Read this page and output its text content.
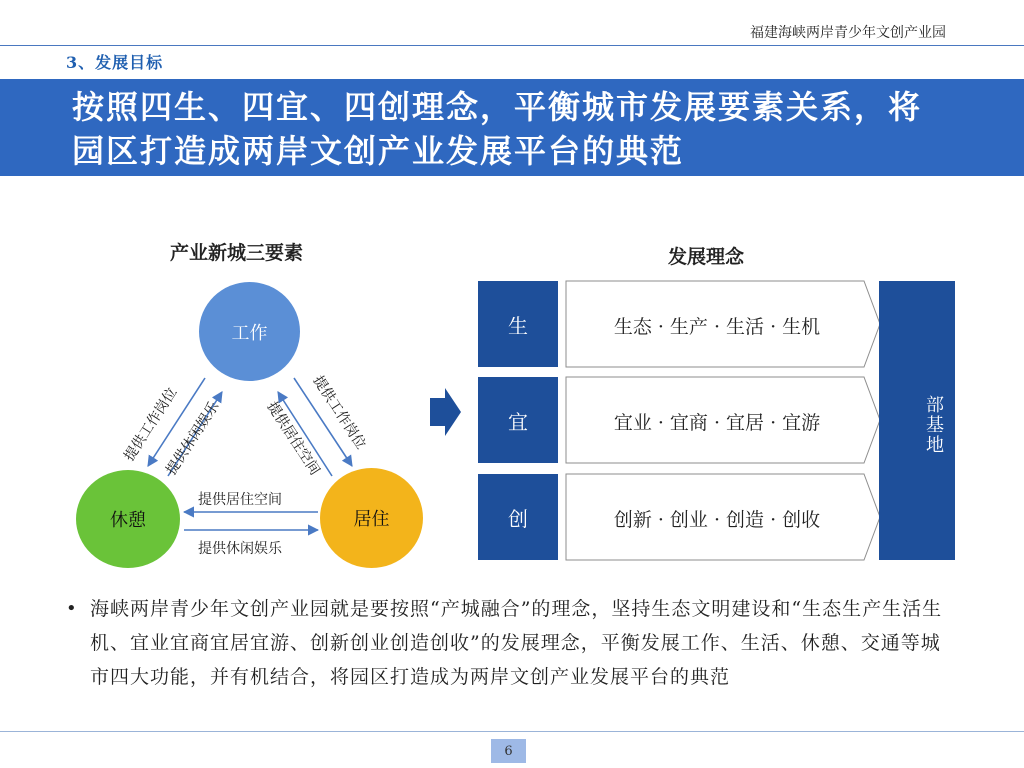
福建海峡两岸青少年文创产业园
3、发展目标
按照四生、四宜、四创理念，平衡城市发展要素关系，将
园区打造成两岸文创产业发展平台的典范
产业新城三要素
工作
休憩	居住
提供工作岗位
提供休闲娱乐	提供工作岗位
提供居住空间
提供居住空间
提供休闲娱乐
发展理念
生
宜
创
生态 · 生产 · 生活 · 生机
宜业 · 宜商 · 宜居 · 宜游
创新 · 创业 · 创造 · 创收
海峡两岸文创产业总部基地
• 海峡两岸青少年文创产业园就是要按照“产城融合”的理念，坚持生态文明建设和“生态生产生活生机、宜业宜商宜居宜游、创新创业创造创收”的发展理念，平衡发展工作、生活、休憩、交通等城市四大功能，并有机结合，将园区打造成为两岸文创产业发展平台的典范
6
